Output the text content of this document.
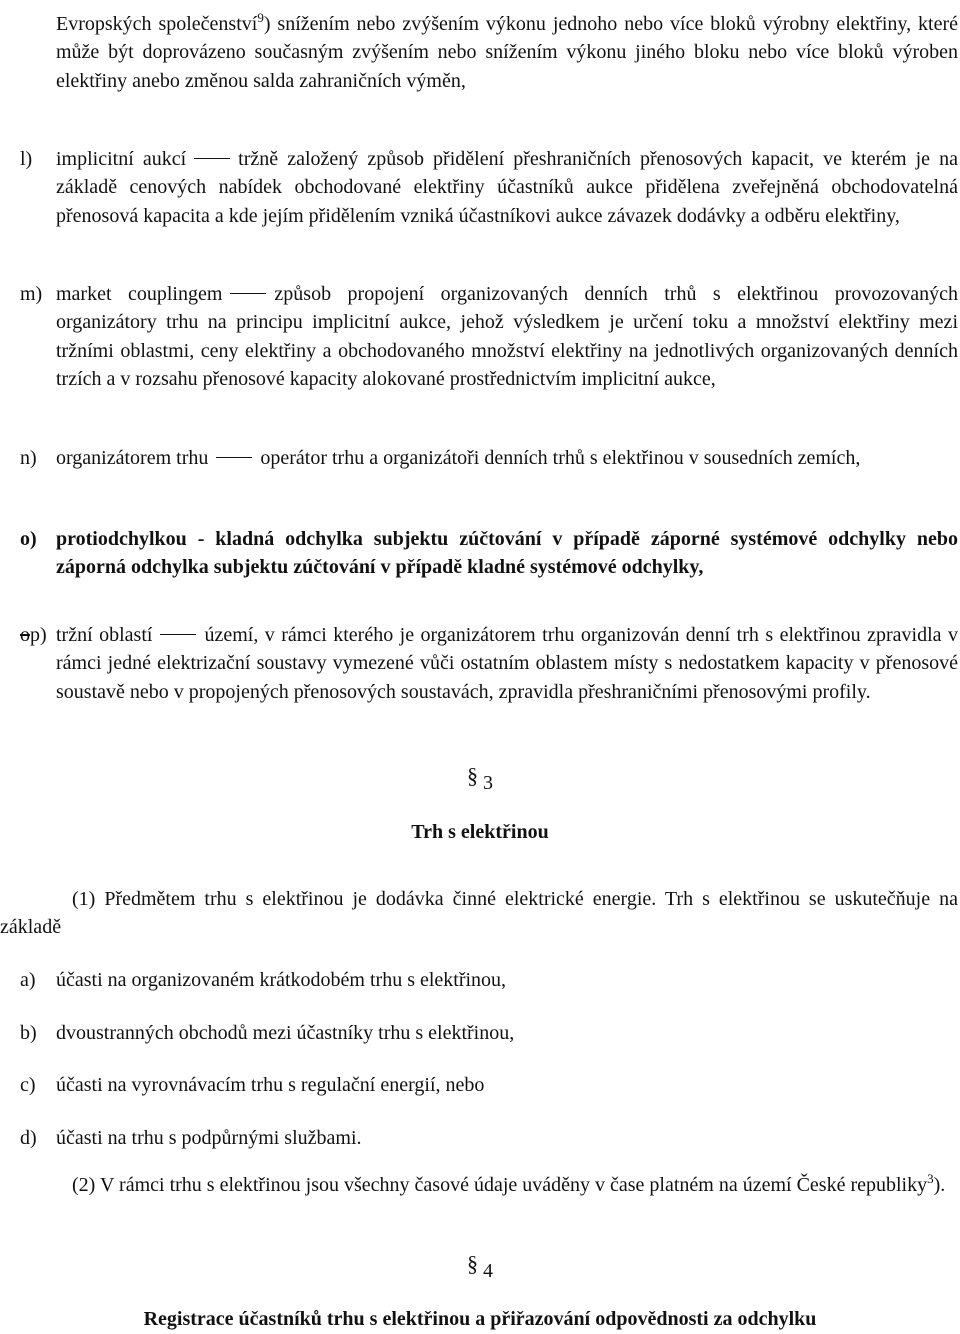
Evropských společenství$^9$) snížením nebo zvýšením výkonu jednoho nebo více bloků výrobny elektřiny, které může být doprovázeno současným zvýšením nebo snížením výkonu jiného bloku nebo více bloků výroben elektřiny anebo změnou salda zahraničních výměn,

l)	implicitní aukcí	tržně založený způsob přidělení přeshraničních přenosových kapacit, ve kterém je na základě cenových nabídek obchodované elektřiny účastníků aukce přidělena zveřejněná obchodovatelná přenosová kapacita a kde jejím přidělením vzniká účastníkovi aukce závazek dodávky a odběru elektřiny,
m) market couplingem	způsob propojení organizovaných denních trhů s elektřinou provozovaných organizátory trhu na principu implicitní aukce, jehož výsledkem je určení toku a množství elektřiny mezi tržními oblastmi, ceny elektřiny a obchodovaného množství elektřiny na jednotlivých organizovaných denních trzích a v rozsahu přenosové kapacity alokované prostřednictvím implicitní aukce,
n) organizátorem trhu	operátor trhu a organizátoři denních trhů s elektřinou v sousedních zemích,
o) protiodchylkou - kladná odchylka subjektu zúčtování v případě záporné systémové odchylky nebo záporná odchylka subjektu zúčtování v případě kladné systémové odchylky,
op) tržní oblastí	území, v rámci kterého je organizátorem trhu organizován denní trh s elektřinou zpravidla v rámci jedné elektrizační soustavy vymezené vůči ostatním oblastem místy s nedostatkem kapacity v přenosové soustavě nebo v propojených přenosových soustavách, zpravidla přeshraničními přenosovými profily.
§ 3
Trh s elektřinou

(1) Předmětem trhu s elektřinou je dodávka činné elektrické energie. Trh s elektřinou se uskutečňuje na základě

a) účasti na organizovaném krátkodobém trhu s elektřinou,
b) dvoustranných obchodů mezi účastníky trhu s elektřinou,
c) účasti na vyrovnávacím trhu s regulační energií, nebo
d) účasti na trhu s podpůrnými službami.

(2) V rámci trhu s elektřinou jsou všechny časové údaje uváděny v čase platném na území České republiky$^3$).

§ 4
Registrace účastníků trhu s elektřinou a přiřazování odpovědnosti za odchylku
